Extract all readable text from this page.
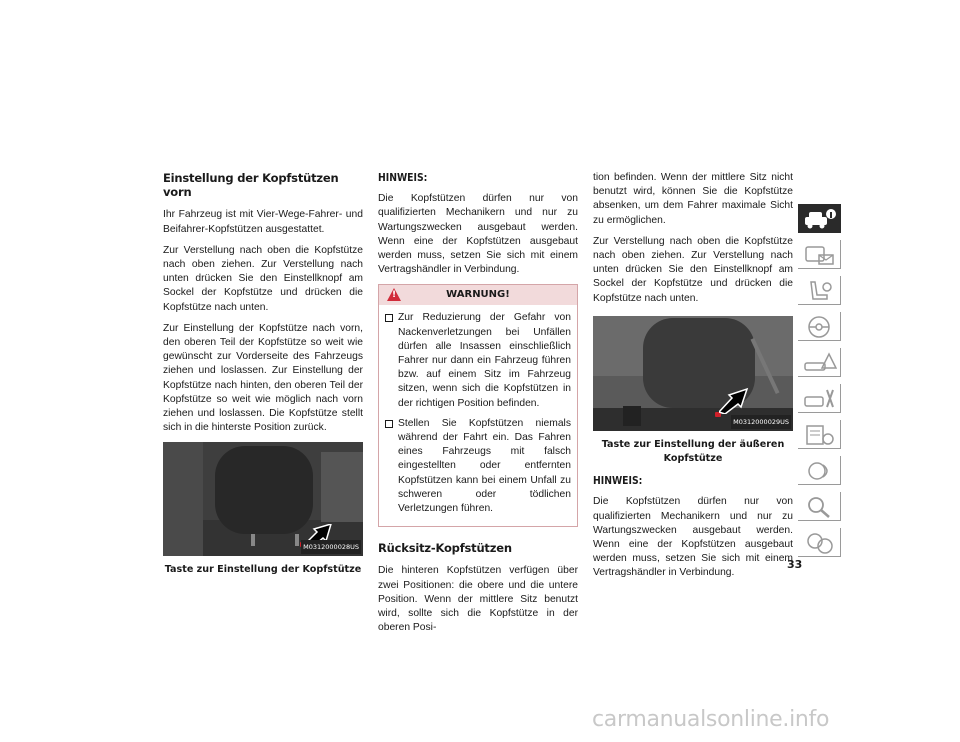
Einstellung der Kopfstützen vorn

Ihr Fahrzeug ist mit Vier-Wege-Fahrer- und Beifahrer-Kopfstützen ausgestattet.

Zur Verstellung nach oben die Kopfstütze nach oben ziehen. Zur Verstellung nach unten drücken Sie den Einstellknopf am Sockel der Kopfstütze und drücken die Kopfstütze nach unten.

Zur Einstellung der Kopfstütze nach vorn, den oberen Teil der Kopfstütze so weit wie gewünscht zur Vorderseite des Fahrzeugs ziehen und loslassen. Zur Einstellung der Kopfstütze nach hinten, den oberen Teil der Kopfstütze so weit wie möglich nach vorn ziehen und loslassen. Die Kopfstütze stellt sich in die hinterste Position zurück.

M0312000028US
Taste zur Einstellung der Kopfstütze

HINWEIS:

Die Kopfstützen dürfen nur von qualifizierten Mechanikern und nur zu Wartungszwecken ausgebaut werden. Wenn eine der Kopfstützen ausgebaut werden muss, setzen Sie sich mit einem Vertragshändler in Verbindung.

!	WARNUNG!
Zur Reduzierung der Gefahr von Nackenverletzungen bei Unfällen dürfen alle Insassen einschließlich Fahrer nur dann ein Fahrzeug führen bzw. auf einem Sitz im Fahrzeug sitzen, wenn sich die Kopfstützen in der richtigen Position befinden.
Stellen Sie Kopfstützen niemals während der Fahrt ein. Das Fahren eines Fahrzeugs mit falsch eingestellten oder entfernten Kopfstützen kann bei einem Unfall zu schweren oder tödlichen Verletzungen führen.
Rücksitz-Kopfstützen

Die hinteren Kopfstützen verfügen über zwei Positionen: die obere und die untere Position. Wenn der mittlere Sitz benutzt wird, sollte sich die Kopfstütze in der oberen Posi-

tion befinden. Wenn der mittlere Sitz nicht benutzt wird, können Sie die Kopfstütze absenken, um dem Fahrer maximale Sicht zu ermöglichen.

Zur Verstellung nach oben die Kopfstütze nach oben ziehen. Zur Verstellung nach unten drücken Sie den Einstellknopf am Sockel der Kopfstütze und drücken die Kopfstütze nach unten.

M0312000029US
Taste zur Einstellung der äußeren Kopfstütze

HINWEIS:

Die Kopfstützen dürfen nur von qualifizierten Mechanikern und nur zu Wartungszwecken ausgebaut werden. Wenn eine der Kopfstützen ausgebaut werden muss, setzen Sie sich mit einem Vertragshändler in Verbindung.

33
carmanualsonline.info
